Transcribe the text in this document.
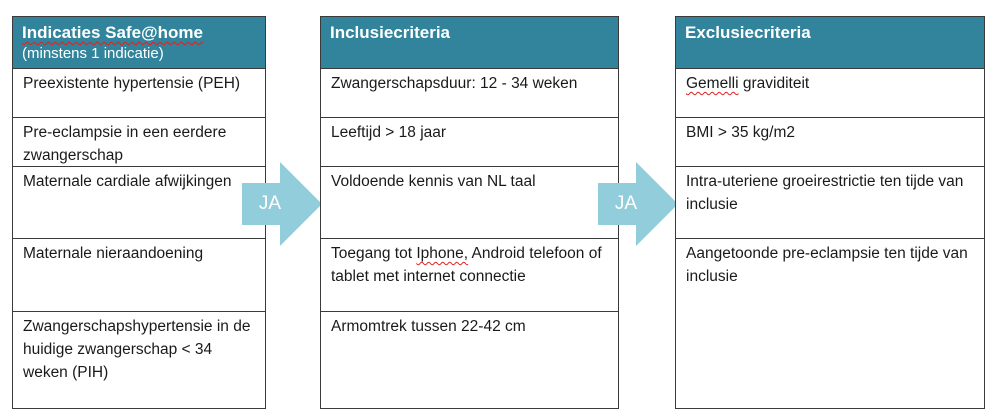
Indicaties Safe@home
(minstens 1 indicatie)
Preexistente hypertensie (PEH)
Pre-eclampsie in een eerdere zwangerschap
Maternale cardiale afwijkingen
Maternale nieraandoening
Zwangerschapshypertensie in de huidige zwangerschap < 34 weken (PIH)
JA
Inclusiecriteria
Zwangerschapsduur: 12 - 34 weken
Leeftijd > 18 jaar
Voldoende kennis van NL taal
Toegang tot Iphone, Android telefoon of tablet met internet connectie
Armomtrek tussen 22-42 cm
JA
Exclusiecriteria
Gemelli graviditeit
BMI > 35 kg/m2
Intra-uteriene groeirestrictie ten tijde van inclusie
Aangetoonde pre-eclampsie ten tijde van inclusie
